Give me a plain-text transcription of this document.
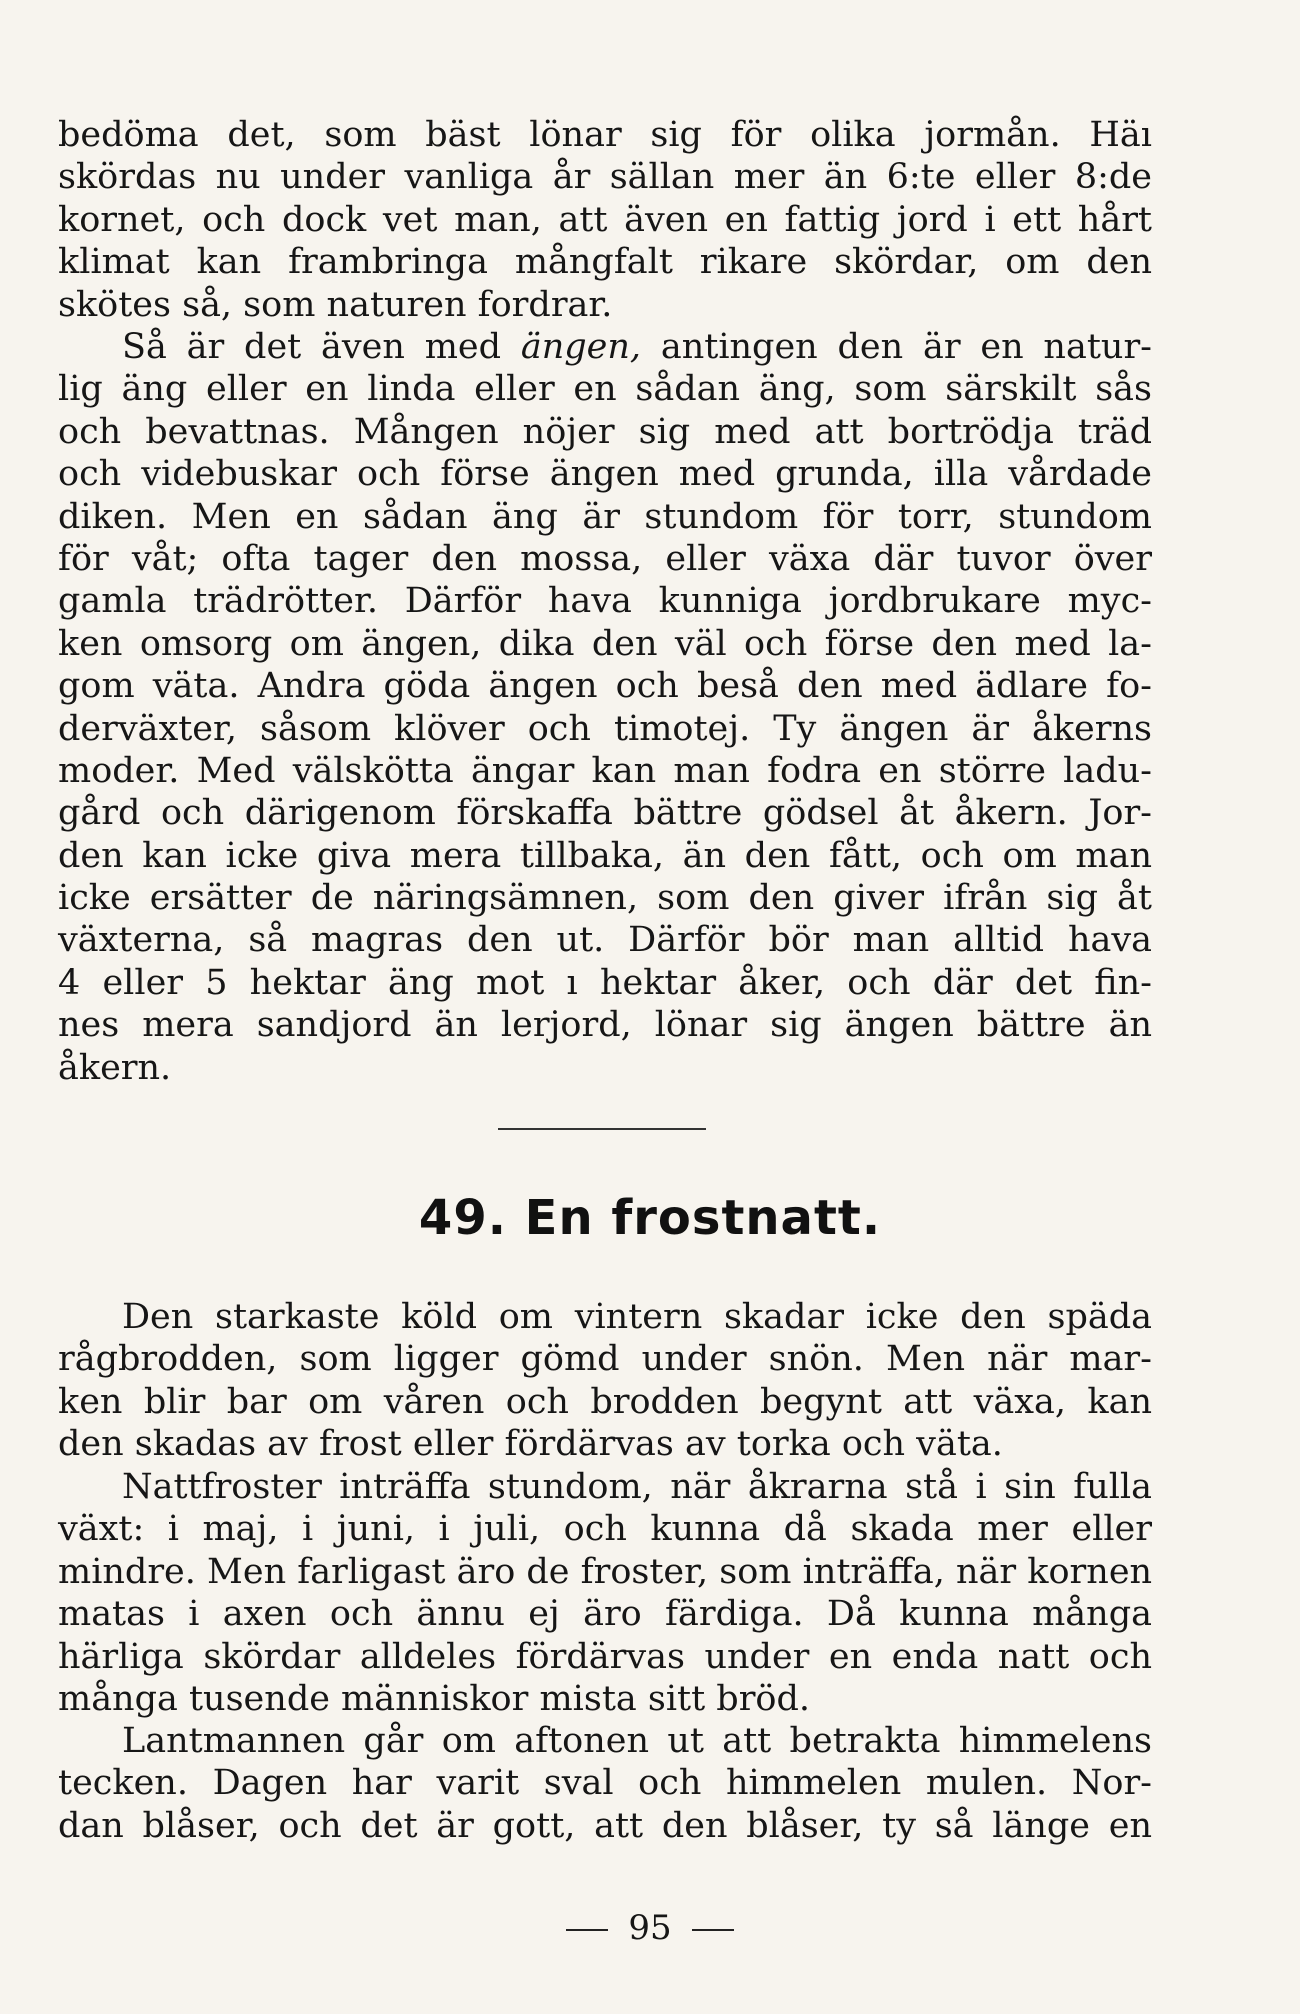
bedöma det, som bäst lönar sig för olika jormån. Häı
skördas nu under vanliga år sällan mer än 6:te eller 8:de
kornet, och dock vet man, att även en fattig jord i ett hårt
klimat kan frambringa mångfalt rikare skördar, om den
skötes så, som naturen fordrar.
Så är det även med ängen, antingen den är en natur-
lig äng eller en linda eller en sådan äng, som särskilt sås
och bevattnas. Mången nöjer sig med att bortrödja träd
och videbuskar och förse ängen med grunda, illa vårdade
diken. Men en sådan äng är stundom för torr, stundom
för våt; ofta tager den mossa, eller växa där tuvor över
gamla trädrötter. Därför hava kunniga jordbrukare myc-
ken omsorg om ängen, dika den väl och förse den med la-
gom väta. Andra göda ängen och beså den med ädlare fo-
derväxter, såsom klöver och timotej. Ty ängen är åkerns
moder. Med välskötta ängar kan man fodra en större ladu-
gård och därigenom förskaffa bättre gödsel åt åkern. Jor-
den kan icke giva mera tillbaka, än den fått, och om man
icke ersätter de näringsämnen, som den giver ifrån sig åt
växterna, så magras den ut. Därför bör man alltid hava
4 eller 5 hektar äng mot ı hektar åker, och där det fin-
nes mera sandjord än lerjord, lönar sig ängen bättre än
åkern.
49. En frostnatt.
Den starkaste köld om vintern skadar icke den späda
rågbrodden, som ligger gömd under snön. Men när mar-
ken blir bar om våren och brodden begynt att växa, kan
den skadas av frost eller fördärvas av torka och väta.
Nattfroster inträffa stundom, när åkrarna stå i sin fulla
växt: i maj, i juni, i juli, och kunna då skada mer eller
mindre. Men farligast äro de froster, som inträffa, när kornen
matas i axen och ännu ej äro färdiga. Då kunna många
härliga skördar alldeles fördärvas under en enda natt och
många tusende människor mista sitt bröd.
Lantmannen går om aftonen ut att betrakta himmelens
tecken. Dagen har varit sval och himmelen mulen. Nor-
dan blåser, och det är gott, att den blåser, ty så länge en
95
